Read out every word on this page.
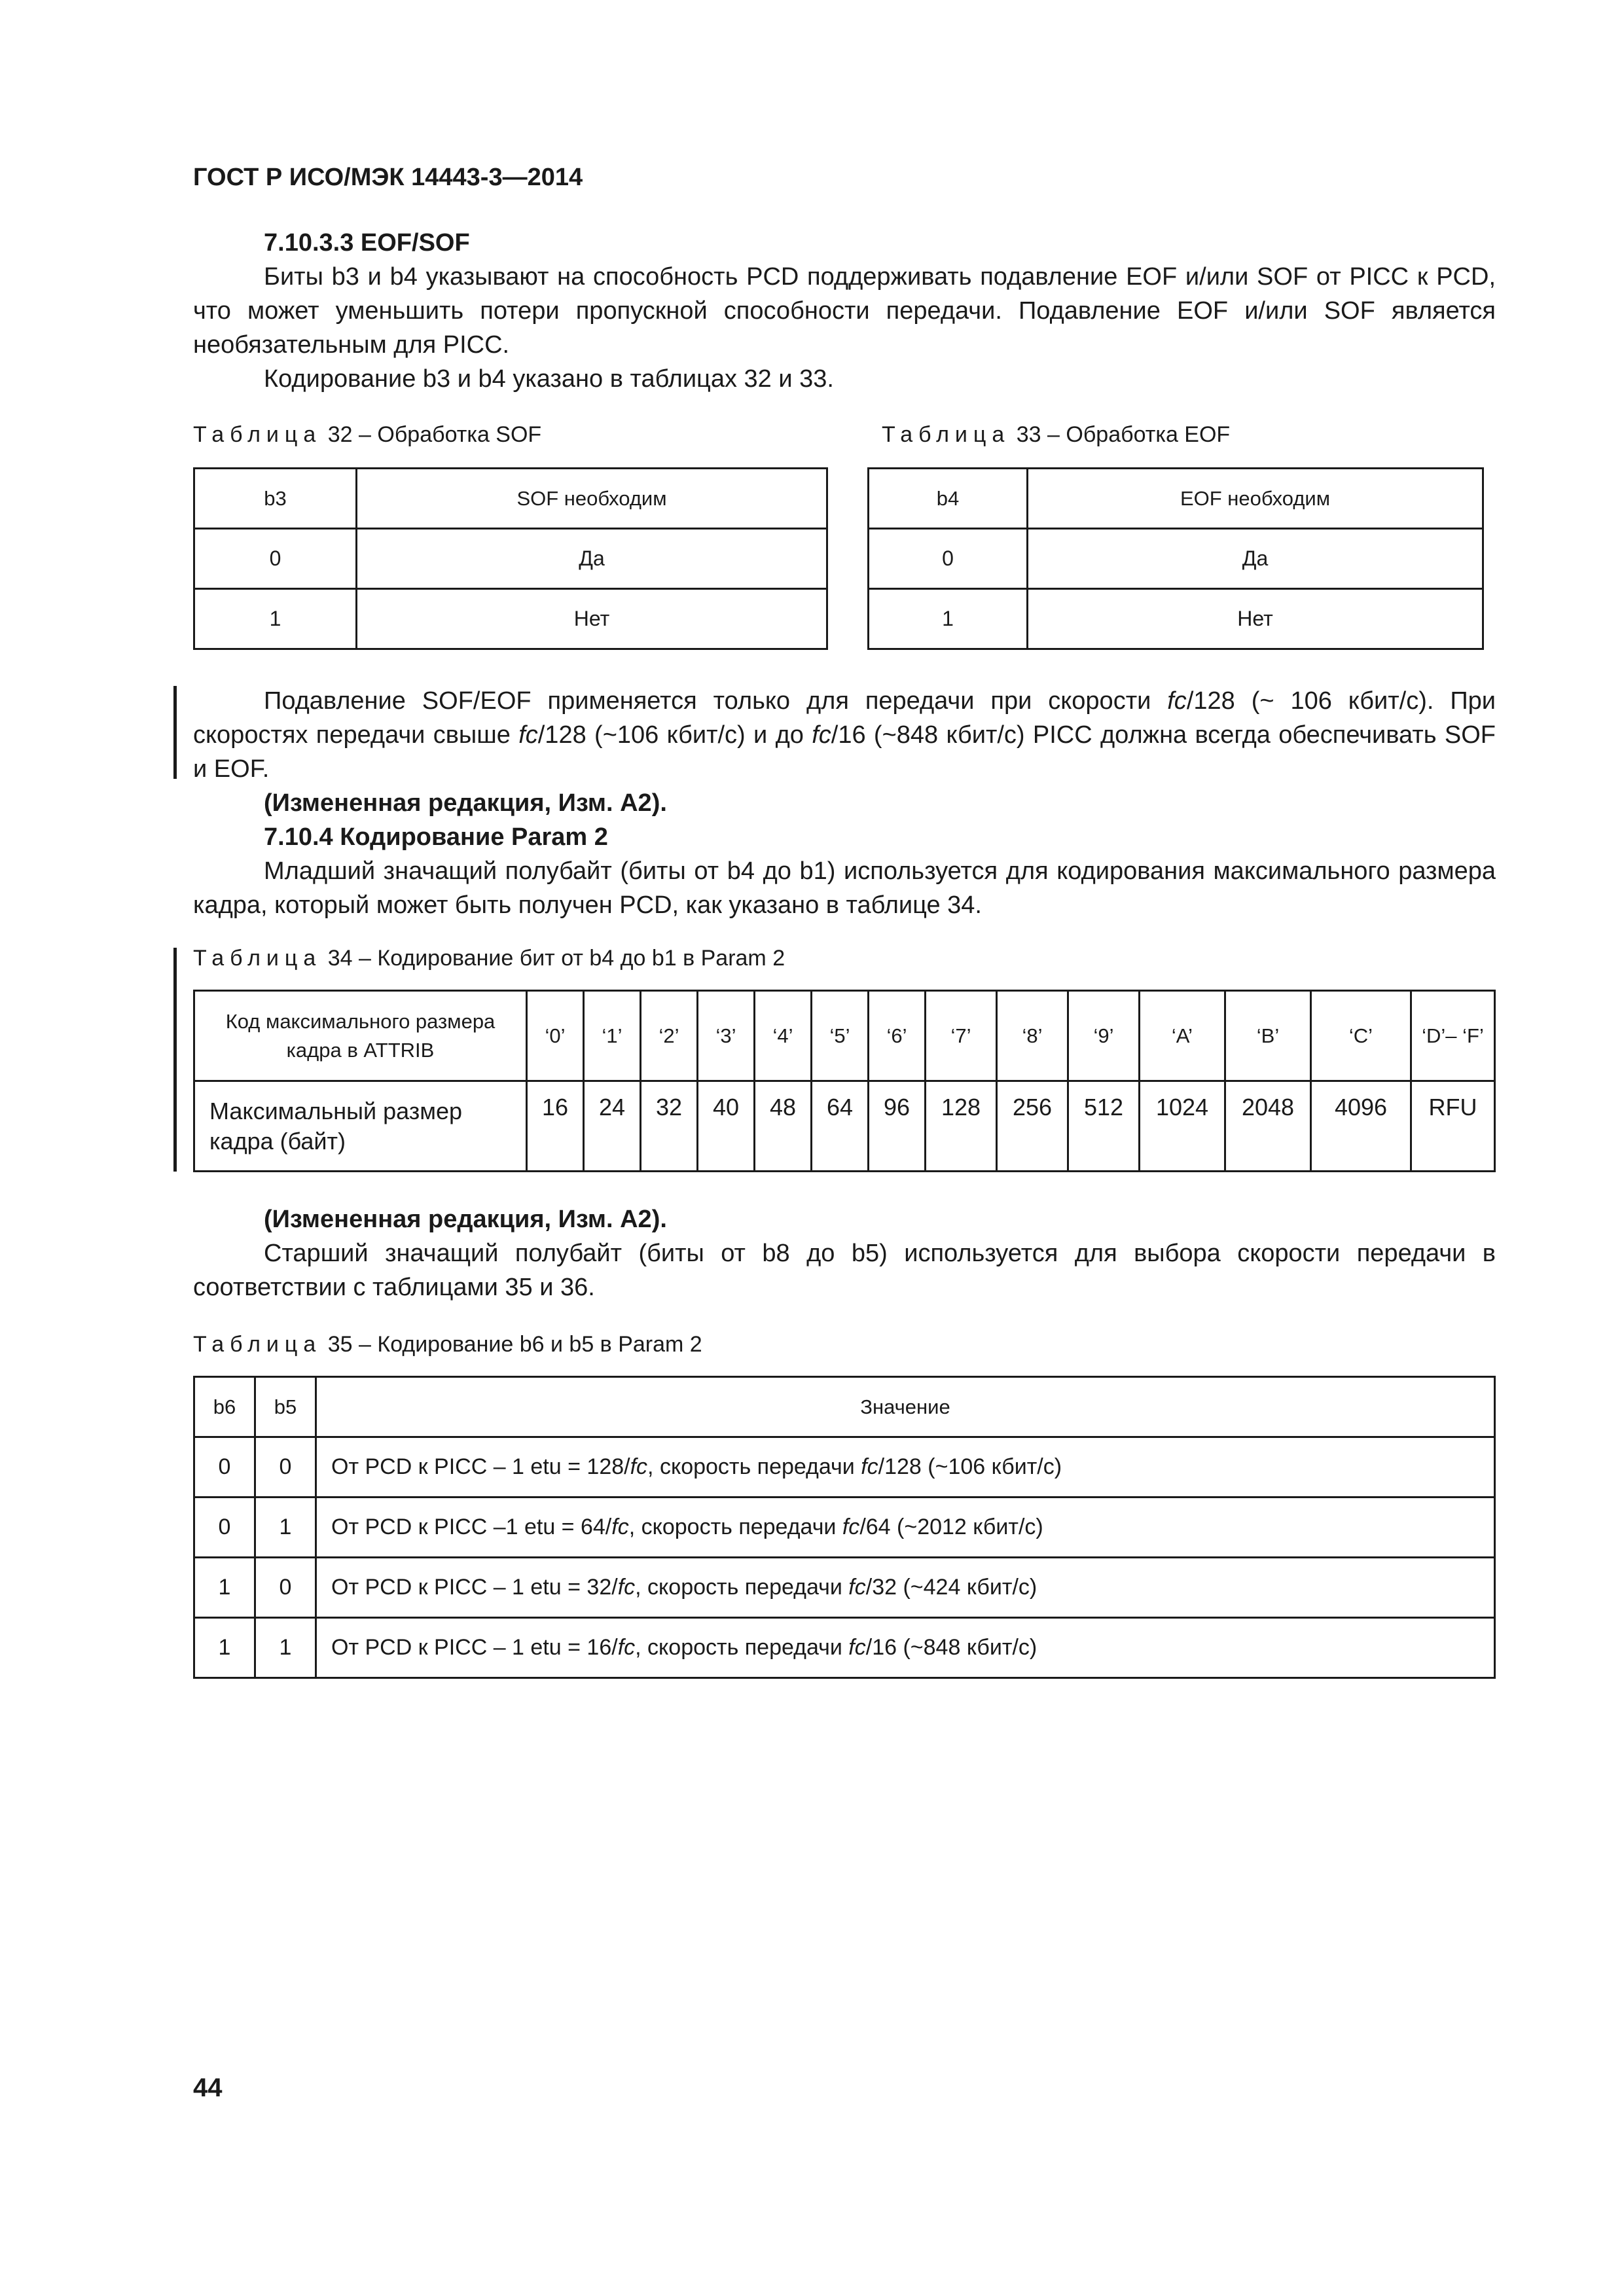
ГОСТ Р ИСО/МЭК 14443-3—2014
7.10.3.3 EOF/SOF
Биты b3 и b4 указывают на способность PCD поддерживать подавление EOF и/или SOF от PICC к PCD, что может уменьшить потери пропускной способности передачи. Подавление EOF и/или SOF является необязательным для PICC.
Кодирование b3 и b4 указано в таблицах 32 и 33.
Таблица 32 – Обработка SOF	Таблица 33 – Обработка EOF
b3	SOF необходим
0	Да
1	Нет
b4	EOF необходим
0	Да
1	Нет
Подавление SOF/EOF применяется только для передачи при скорости fc/128 (~ 106 кбит/с). При скоростях передачи свыше fc/128 (~106 кбит/с) и до fc/16 (~848 кбит/с) PICC должна всегда обеспечивать SOF и EOF.
(Измененная редакция, Изм. A2).
7.10.4 Кодирование Param 2
Младший значащий полубайт (биты от b4 до b1) используется для кодирования максимального размера кадра, который может быть получен PCD, как указано в таблице 34.
Таблица 34 – Кодирование бит от b4 до b1 в Param 2
Код максимального размера кадра в ATTRIB	‘0’	‘1’	‘2’	‘3’	‘4’	‘5’	‘6’	‘7’	‘8’	‘9’	‘A’	‘B’	‘C’	‘D’– ‘F’
Максимальный размер кадра (байт)	16	24	32	40	48	64	96	128	256	512	1024	2048	4096	RFU
(Измененная редакция, Изм. A2).
Старший значащий полубайт (биты от b8 до b5) используется для выбора скорости передачи в соответствии с таблицами 35 и 36.
Таблица 35 – Кодирование b6 и b5 в Param 2
b6	b5	Значение
0	0	От PCD к PICC – 1 etu = 128/fc, скорость передачи fc/128 (~106 кбит/с)
0	1	От PCD к PICC –1 etu = 64/fc, скорость передачи fc/64 (~2012 кбит/с)
1	0	От PCD к PICC – 1 etu = 32/fc, скорость передачи fc/32 (~424 кбит/с)
1	1	От PCD к PICC – 1 etu = 16/fc, скорость передачи fc/16 (~848 кбит/с)
44
